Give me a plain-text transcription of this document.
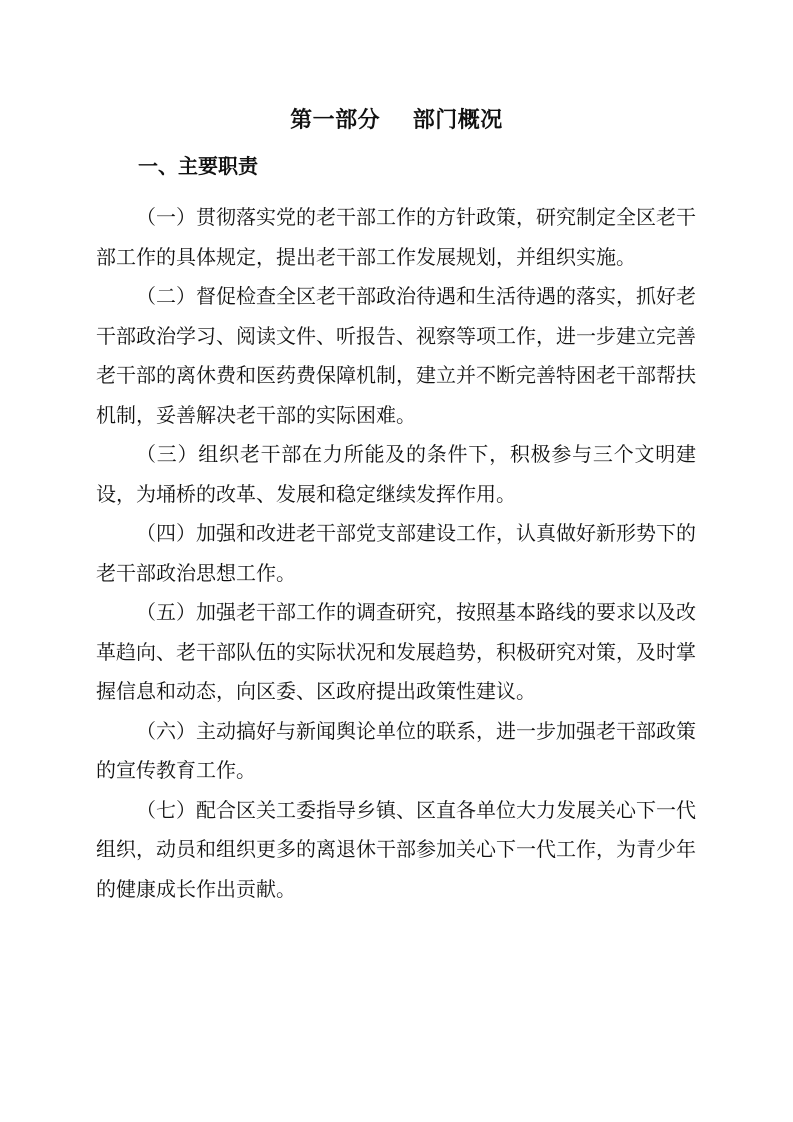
第一部分    部门概况
一、主要职责

（一）贯彻落实党的老干部工作的方针政策，研究制定全区老干部工作的具体规定，提出老干部工作发展规划，并组织实施。

（二）督促检查全区老干部政治待遇和生活待遇的落实，抓好老干部政治学习、阅读文件、听报告、视察等项工作，进一步建立完善老干部的离休费和医药费保障机制，建立并不断完善特困老干部帮扶机制，妥善解决老干部的实际困难。

（三）组织老干部在力所能及的条件下，积极参与三个文明建设，为埇桥的改革、发展和稳定继续发挥作用。

（四）加强和改进老干部党支部建设工作，认真做好新形势下的老干部政治思想工作。

（五）加强老干部工作的调查研究，按照基本路线的要求以及改革趋向、老干部队伍的实际状况和发展趋势，积极研究对策，及时掌握信息和动态，向区委、区政府提出政策性建议。

（六）主动搞好与新闻舆论单位的联系，进一步加强老干部政策的宣传教育工作。

（七）配合区关工委指导乡镇、区直各单位大力发展关心下一代组织，动员和组织更多的离退休干部参加关心下一代工作，为青少年的健康成长作出贡献。
